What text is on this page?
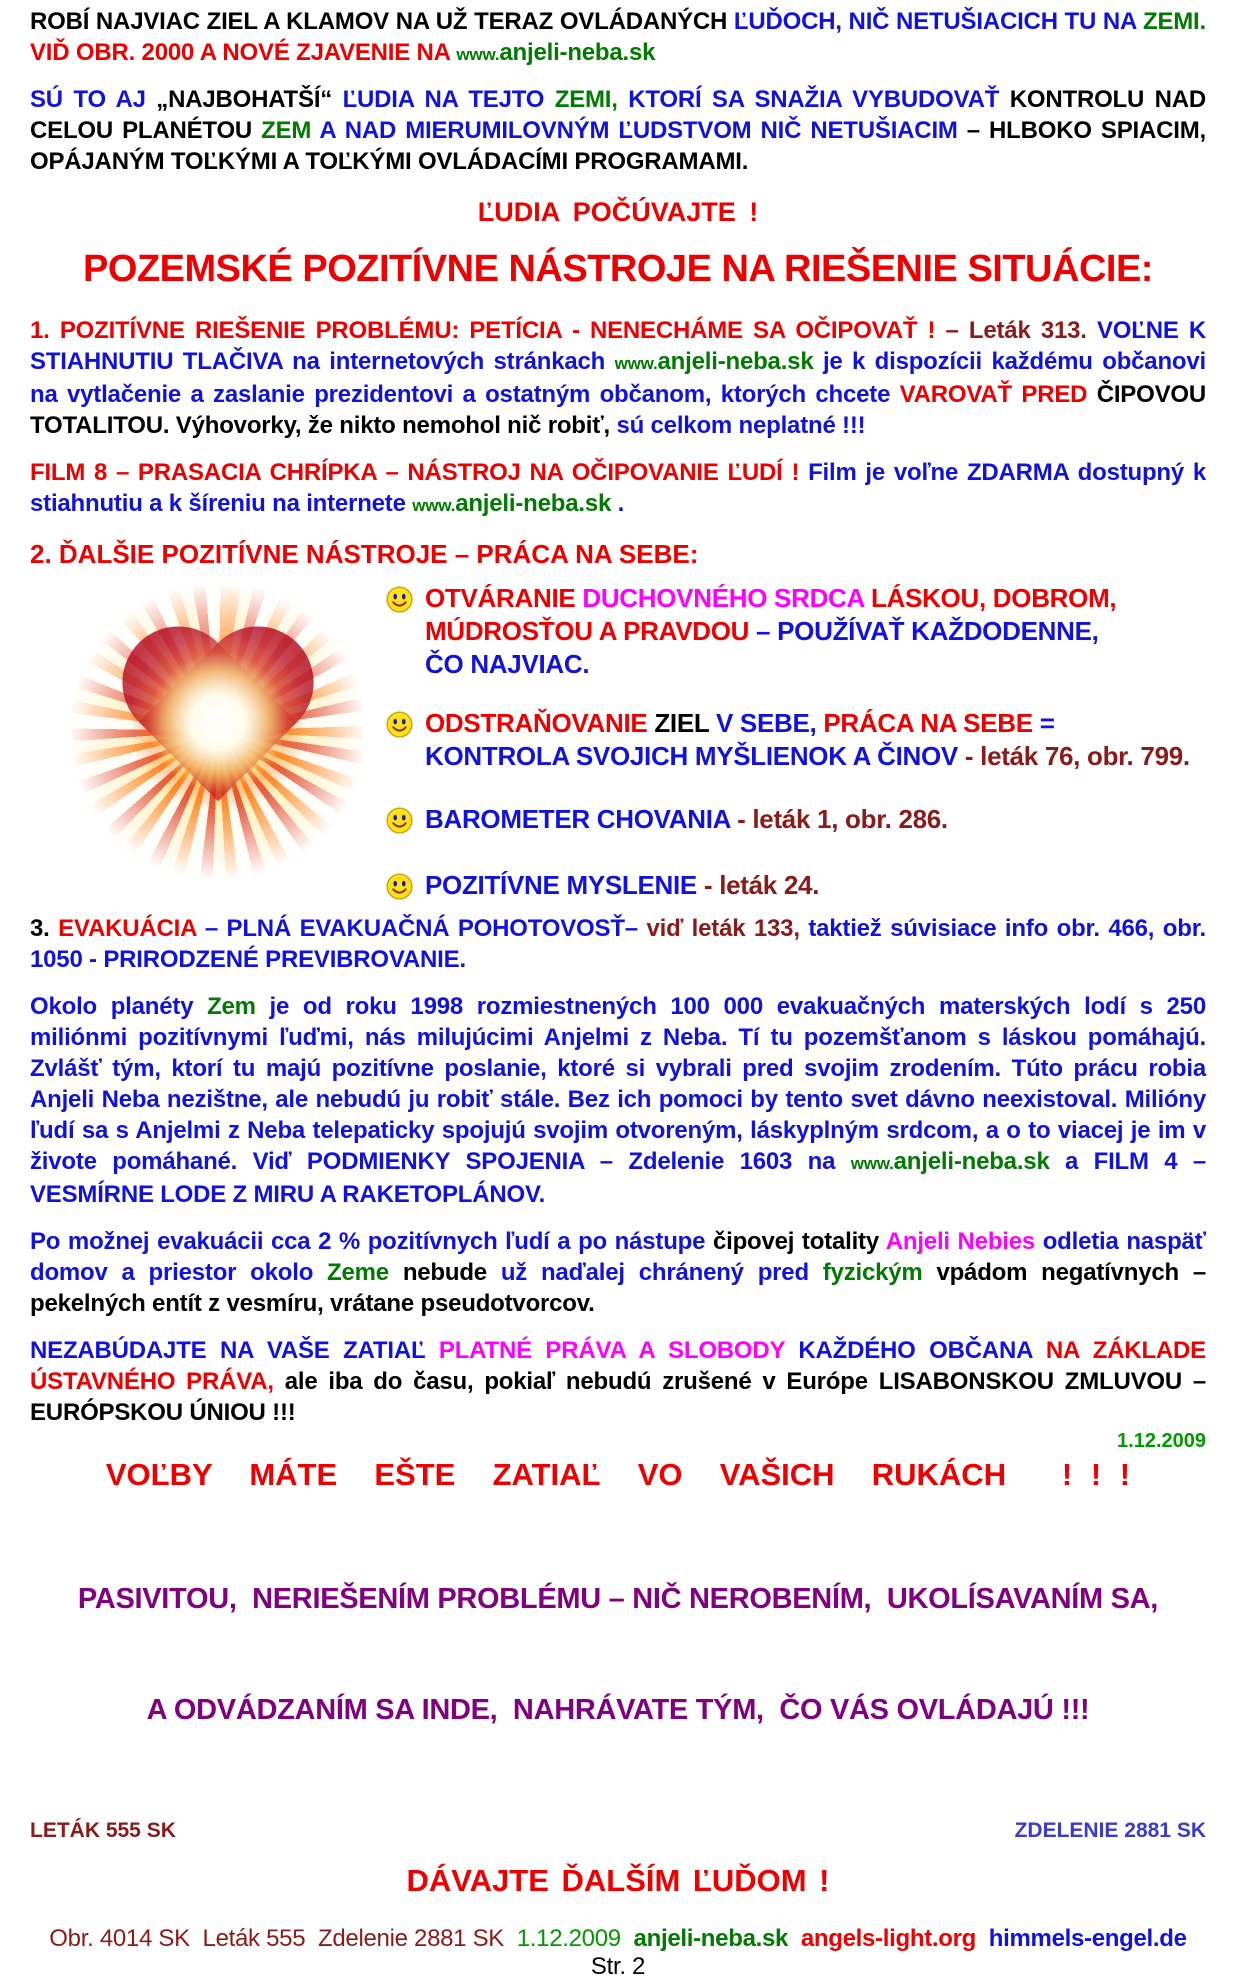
ROBÍ NAJVIAC ZIEL A KLAMOV NA UŽ TERAZ OVLÁDANÝCH ĽUĎOCH, NIČ NETUŠIACICH TU NA ZEMI. VIĎ OBR. 2000 A NOVÉ ZJAVENIE NA www.anjeli-neba.sk

SÚ TO AJ „NAJBOHATŠÍ“ ĽUDIA NA TEJTO ZEMI, KTORÍ SA SNAŽIA VYBUDOVAŤ KONTROLU NAD CELOU PLANÉTOU ZEM A NAD MIERUMILOVNÝM ĽUDSTVOM NIČ NETUŠIACIM – HLBOKO SPIACIM, OPÁJANÝM TOĽKÝMI A TOĽKÝMI OVLÁDACÍMI PROGRAMAMI.

ĽUDIA POČÚVAJTE !

POZEMSKÉ POZITÍVNE NÁSTROJE NA RIEŠENIE SITUÁCIE:

1. POZITÍVNE RIEŠENIE PROBLÉMU: PETÍCIA - NENECHÁME SA OČIPOVAŤ ! – Leták 313. VOĽNE K STIAHNUTIU TLAČIVA na internetových stránkach www.anjeli-neba.sk je k dispozícii každému občanovi na vytlačenie a zaslanie prezidentovi a ostatným občanom, ktorých chcete VAROVAŤ PRED ČIPOVOU TOTALITOU. Výhovorky, že nikto nemohol nič robiť, sú celkom neplatné !!!

FILM 8 – PRASACIA CHRÍPKA – NÁSTROJ NA OČIPOVANIE ĽUDÍ ! Film je voľne ZDARMA dostupný k stiahnutiu a k šíreniu na internete www.anjeli-neba.sk .

2. ĎALŠIE POZITÍVNE NÁSTROJE – PRÁCA NA SEBE:

OTVÁRANIE DUCHOVNÉHO SRDCA LÁSKOU, DOBROM,
MÚDROSŤOU A PRAVDOU – POUŽÍVAŤ KAŽDODENNE,
ČO NAJVIAC.
ODSTRAŇOVANIE ZIEL V SEBE, PRÁCA NA SEBE =
KONTROLA SVOJICH MYŠLIENOK A ČINOV - leták 76, obr. 799.
BAROMETER CHOVANIA - leták 1, obr. 286.
POZITÍVNE MYSLENIE - leták 24.

3. EVAKUÁCIA – PLNÁ EVAKUAČNÁ POHOTOVOSŤ– viď leták 133, taktiež súvisiace info obr. 466, obr. 1050 - PRIRODZENÉ PREVIBROVANIE.

Okolo planéty Zem je od roku 1998 rozmiestnených 100 000 evakuačných materských lodí s 250 miliónmi pozitívnymi ľuďmi, nás milujúcimi Anjelmi z Neba. Tí tu pozemšťanom s láskou pomáhajú. Zvlášť tým, ktorí tu majú pozitívne poslanie, ktoré si vybrali pred svojim zrodením. Túto prácu robia Anjeli Neba nezištne, ale nebudú ju robiť stále. Bez ich pomoci by tento svet dávno neexistoval. Milióny ľudí sa s Anjelmi z Neba telepaticky spojujú svojim otvoreným, láskyplným srdcom, a o to viacej je im v živote pomáhané. Viď PODMIENKY SPOJENIA – Zdelenie 1603 na www.anjeli-neba.sk a FILM 4 – VESMÍRNE LODE Z MIRU A RAKETOPLÁNOV.

Po možnej evakuácii cca 2 % pozitívnych ľudí a po nástupe čipovej totality Anjeli Nebies odletia naspäť domov a priestor okolo Zeme nebude už naďalej chránený pred fyzickým vpádom negatívnych – pekelných entít z vesmíru, vrátane pseudotvorcov.

NEZABÚDAJTE NA VAŠE ZATIAĽ PLATNÉ PRÁVA A SLOBODY KAŽDÉHO OBČANA NA ZÁKLADE ÚSTAVNÉHO PRÁVA, ale iba do času, pokiaľ nebudú zrušené v Európe LISABONSKOU ZMLUVOU – EURÓPSKOU ÚNIOU !!!

1.12.2009

VOĽBY  MÁTE  EŠTE  ZATIAĽ  VO  VAŠICH  RUKÁCH   ! ! !

PASIVITOU,  NERIEŠENÍM PROBLÉMU – NIČ NEROBENÍM,  UKOLÍSAVANÍM SA,

A ODVÁDZANÍM SA INDE,  NAHRÁVATE TÝM,  ČO VÁS OVLÁDAJÚ !!!

LETÁK 555 SK	ZDELENIE 2881 SK

DÁVAJTE ĎALŠÍM ĽUĎOM !

Obr. 4014 SK  Leták 555  Zdelenie 2881 SK  1.12.2009  anjeli-neba.sk  angels-light.org  himmels-engel.de  Str. 2
